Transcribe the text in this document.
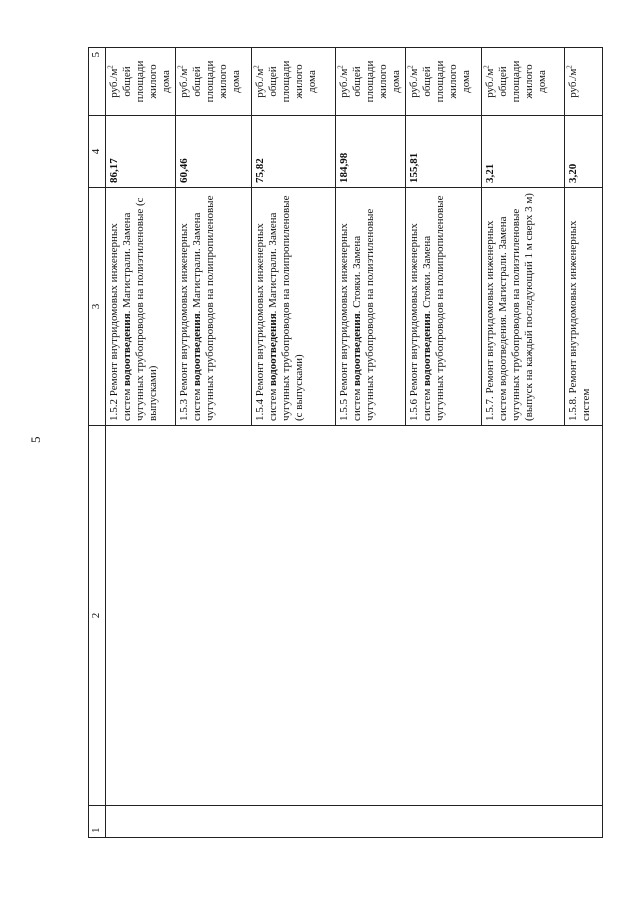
5
1	2	3	4	5
		1.5.2 Ремонт внутридомовых инженерных систем водоотведения. Магистрали. Замена чугунных трубопроводов на полиэтиленовые (с выпусками)	86,17	$руб./м^2$ общей площади жилого дома
		1.5.3 Ремонт внутридомовых инженерных систем водоотведения. Магистрали. Замена чугунных трубопроводов на полипропиленовые	60,46	$руб./м^2$ общей площади жилого дома
		1.5.4 Ремонт внутридомовых инженерных систем водоотведения. Магистрали. Замена чугунных трубопроводов на полипропиленовые (с выпусками)	75,82	$руб./м^2$ общей площади жилого дома
		1.5.5 Ремонт внутридомовых инженерных систем водоотведения. Стояки. Замена чугунных трубопроводов на полиэтиленовые	184,98	$руб./м^2$ общей площади жилого дома
		1.5.6 Ремонт внутридомовых инженерных систем водоотведения. Стояки. Замена чугунных трубопроводов на полипропиленовые	155,81	$руб./м^2$ общей площади жилого дома
		1.5.7. Ремонт внутридомовых инженерных систем водоотведения. Магистрали. Замена чугунных трубопроводов на полиэтиленовые (выпуск на каждый последующий 1 м сверх 3 м)	3,21	$руб./м^2$ общей площади жилого дома
		1.5.8. Ремонт внутридомовых инженерных систем	3,20	$руб./м^2$
